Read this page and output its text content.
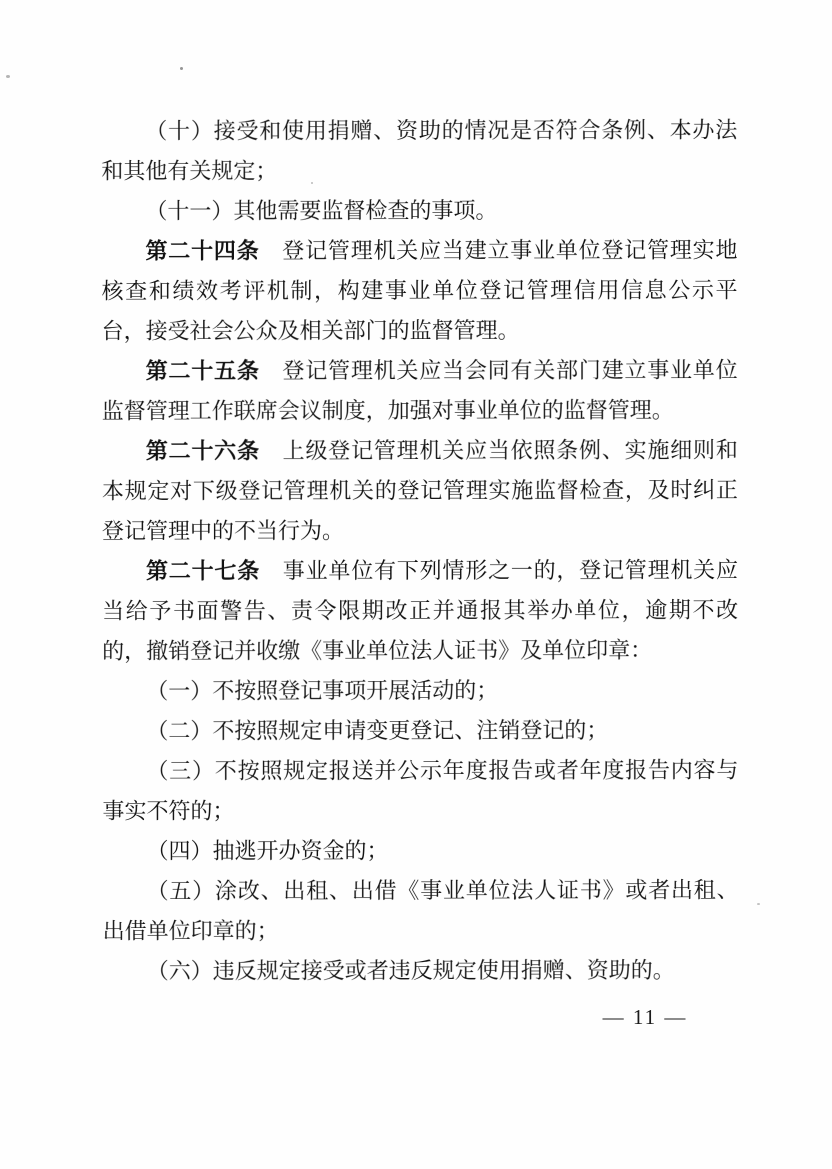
（十）接受和使用捐赠、资助的情况是否符合条例、本办法
和其他有关规定；
（十一）其他需要监督检查的事项。
第二十四条　登记管理机关应当建立事业单位登记管理实地
核查和绩效考评机制，构建事业单位登记管理信用信息公示平
台，接受社会公众及相关部门的监督管理。
第二十五条　登记管理机关应当会同有关部门建立事业单位
监督管理工作联席会议制度，加强对事业单位的监督管理。
第二十六条　上级登记管理机关应当依照条例、实施细则和
本规定对下级登记管理机关的登记管理实施监督检查，及时纠正
登记管理中的不当行为。
第二十七条　事业单位有下列情形之一的，登记管理机关应
当给予书面警告、责令限期改正并通报其举办单位，逾期不改
的，撤销登记并收缴《事业单位法人证书》及单位印章：
（一）不按照登记事项开展活动的；
（二）不按照规定申请变更登记、注销登记的；
（三）不按照规定报送并公示年度报告或者年度报告内容与
事实不符的；
（四）抽逃开办资金的；
（五）涂改、出租、出借《事业单位法人证书》或者出租、
出借单位印章的；
（六）违反规定接受或者违反规定使用捐赠、资助的。
— 11 —
